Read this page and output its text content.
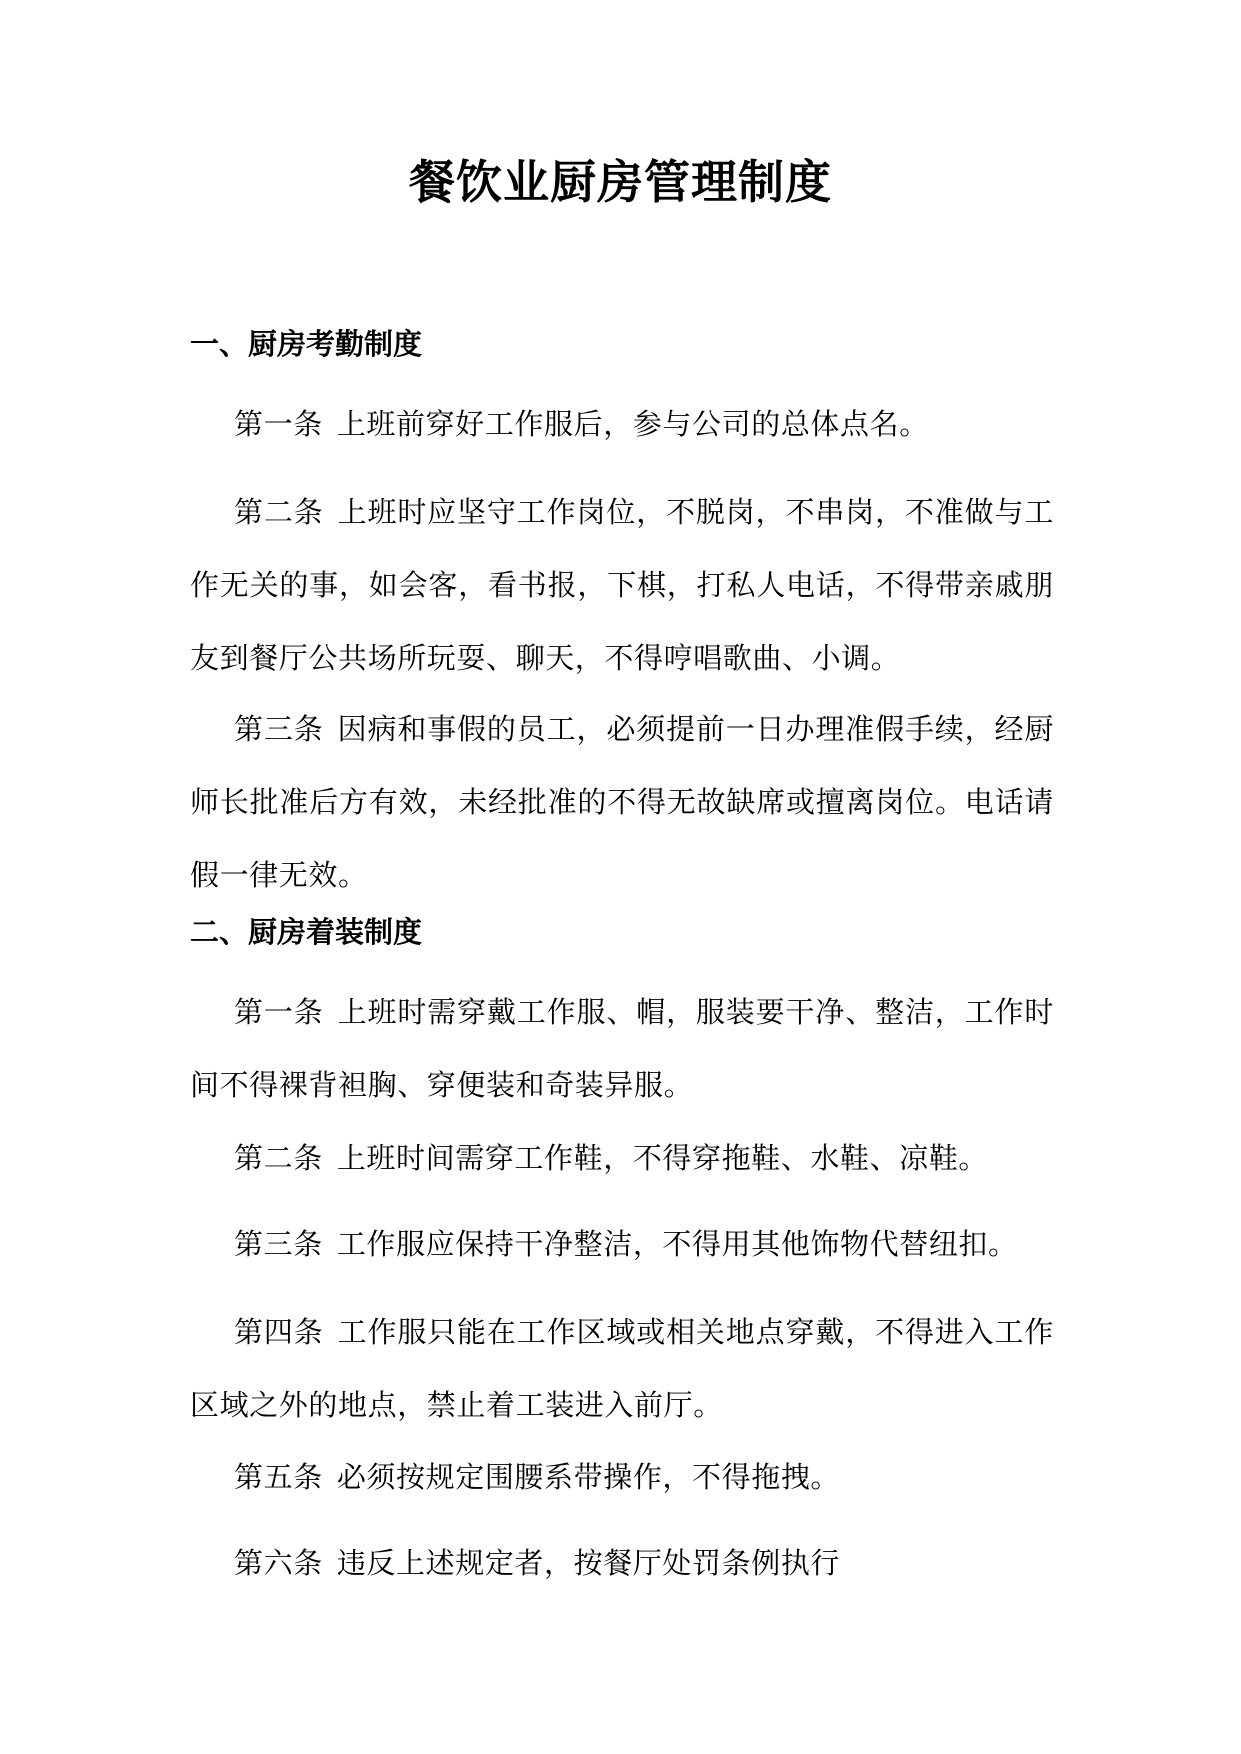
餐饮业厨房管理制度
一、厨房考勤制度
第一条 上班前穿好工作服后，参与公司的总体点名。
第二条 上班时应坚守工作岗位，不脱岗，不串岗，不准做与工作无关的事，如会客，看书报，下棋，打私人电话，不得带亲戚朋友到餐厅公共场所玩耍、聊天，不得哼唱歌曲、小调。
第三条 因病和事假的员工，必须提前一日办理准假手续，经厨师长批准后方有效，未经批准的不得无故缺席或擅离岗位。电话请假一律无效。
二、厨房着装制度
第一条 上班时需穿戴工作服、帽，服装要干净、整洁，工作时间不得裸背袒胸、穿便装和奇装异服。
第二条 上班时间需穿工作鞋，不得穿拖鞋、水鞋、凉鞋。
第三条 工作服应保持干净整洁，不得用其他饰物代替纽扣。
第四条 工作服只能在工作区域或相关地点穿戴，不得进入工作区域之外的地点，禁止着工装进入前厅。
第五条 必须按规定围腰系带操作，不得拖拽。
第六条 违反上述规定者，按餐厅处罚条例执行
